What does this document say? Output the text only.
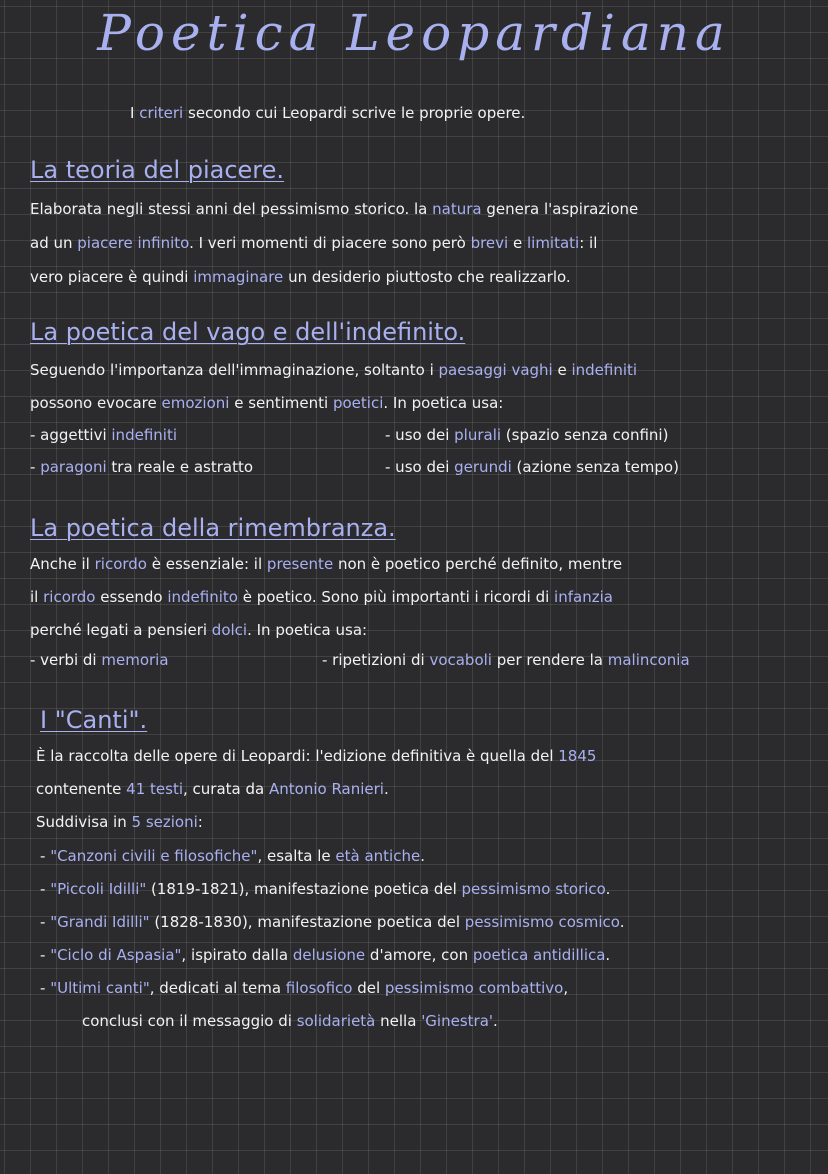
Poetica Leopardiana
I criteri secondo cui Leopardi scrive le proprie opere.
La teoria del piacere.
Elaborata negli stessi anni del pessimismo storico. la natura genera l'aspirazione
ad un piacere infinito. I veri momenti di piacere sono però brevi e limitati: il
vero piacere è quindi immaginare un desiderio piuttosto che realizzarlo.
La poetica del vago e dell'indefinito.
Seguendo l'importanza dell'immaginazione, soltanto i paesaggi vaghi e indefiniti
possono evocare emozioni e sentimenti poetici. In poetica usa:
- aggettivi indefiniti	- uso dei plurali (spazio senza confini)
- paragoni tra reale e astratto	- uso dei gerundi (azione senza tempo)
La poetica della rimembranza.
Anche il ricordo è essenziale: il presente non è poetico perché definito, mentre
il ricordo essendo indefinito è poetico. Sono più importanti i ricordi di infanzia
perché legati a pensieri dolci. In poetica usa:
- verbi di memoria	- ripetizioni di vocaboli per rendere la malinconia
I "Canti".
È la raccolta delle opere di Leopardi: l'edizione definitiva è quella del 1845
contenente 41 testi, curata da Antonio Ranieri.
Suddivisa in 5 sezioni:
- "Canzoni civili e filosofiche", esalta le età antiche.
- "Piccoli Idilli" (1819-1821), manifestazione poetica del pessimismo storico.
- "Grandi Idilli" (1828-1830), manifestazione poetica del pessimismo cosmico.
- "Ciclo di Aspasia", ispirato dalla delusione d'amore, con poetica antidillica.
- "Ultimi canti", dedicati al tema filosofico del pessimismo combattivo,
conclusi con il messaggio di solidarietà nella 'Ginestra'.
